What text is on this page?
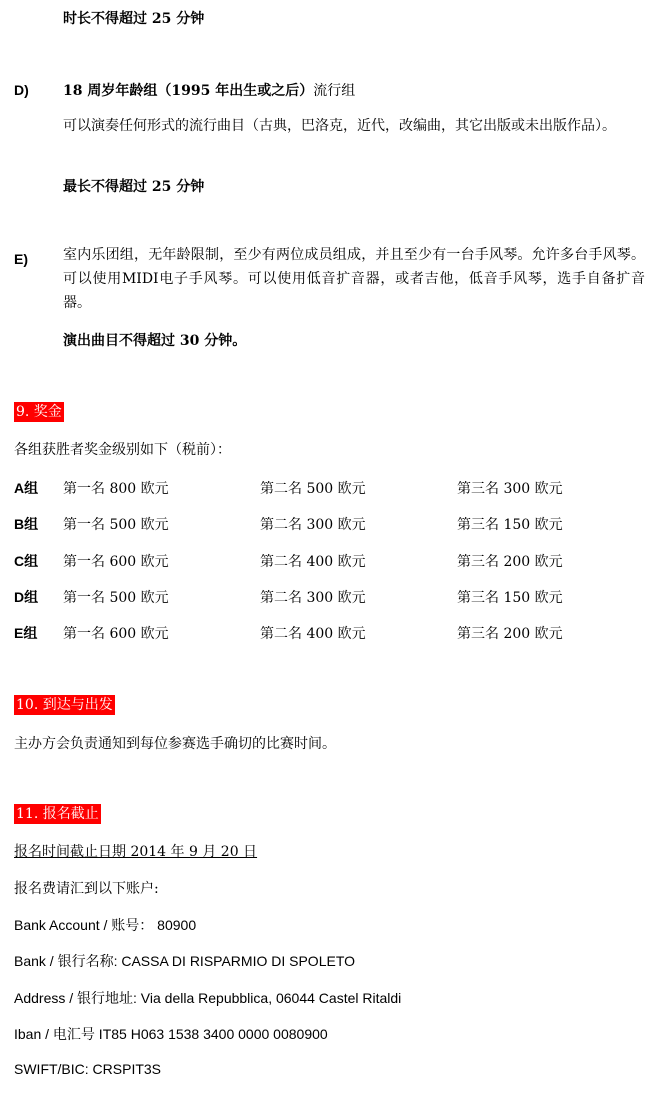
时长不得超过 25 分钟
D) 18 周岁年龄组（1995 年出生或之后）流行组
可以演奏任何形式的流行曲目（古典，巴洛克，近代，改编曲，其它出版或未出版作品）。
最长不得超过 25 分钟
E)	室内乐团组，无年龄限制，至少有两位成员组成，并且至少有一台手风琴。允许多台手风琴。可以使用MIDI电子手风琴。可以使用低音扩音器，或者吉他，低音手风琴，选手自备扩音器。
演出曲目不得超过 30 分钟。
9. 奖金
各组获胜者奖金级别如下（税前）：
A组 第一名 800 欧元	第二名 500 欧元	第三名 300 欧元
B组 第一名 500 欧元	第二名 300 欧元	第三名 150 欧元
C组 第一名 600 欧元	第二名 400 欧元	第三名 200 欧元
D组 第一名 500 欧元	第二名 300 欧元	第三名 150 欧元
E组 第一名 600 欧元	第二名 400 欧元	第三名 200 欧元
10. 到达与出发
主办方会负责通知到每位参赛选手确切的比赛时间。
11. 报名截止
报名时间截止日期 2014 年 9 月 20 日
报名费请汇到以下账户:
Bank Account / 账号： 80900
Bank / 银行名称: CASSA DI RISPARMIO DI SPOLETO
Address / 银行地址: Via della Repubblica, 06044 Castel Ritaldi
Iban / 电汇号 IT85 H063 1538 3400 0000 0080900
SWIFT/BIC: CRSPIT3S
